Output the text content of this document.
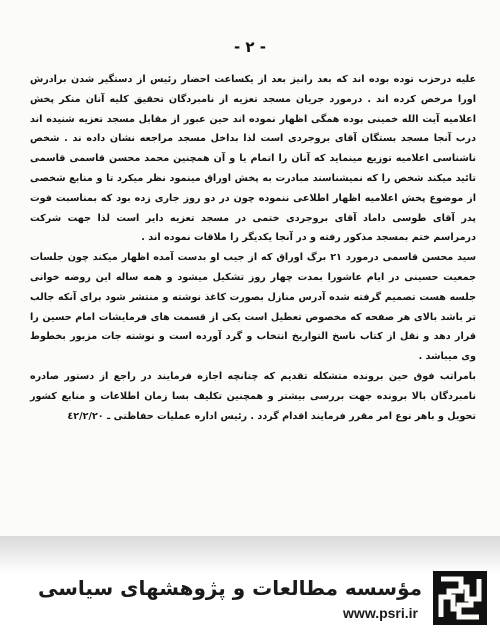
- ٢ -

علیه درحزب توده بوده اند که بعد رانیز بعد از یکساعت احضار رئیس از دستگیر شدن برادرش اورا مرخص کرده اند . درمورد جریان مسجد تعزیه از نامبردگان تحقیق کلیه آنان منکر پخش اعلامیه آیت الله خمینی بوده همگی اظهار نموده اند حین عبور از مقابل مسجد تعزیه شنیده اند درب آنجا مسجد بستگان آقای بروجردی است لذا بداخل مسجد مراجعه نشان داده ند . شخص ناشناسی اعلامیه توزیع مینماید که آنان را اتمام یا و آن همچنین محمد محسن قاسمی قاسمی تائید میکند شخص را که نمیشناسند مبادرت به پخش اوراق مینمود نظر میکرد تا و منابع شخصی از موضوع پخش اعلامیه اظهار اطلاعی ننموده چون در دو روز جاری زده بود که بمناسبت فوت پدر آقای طوسی داماد آقای بروجردی ختمی در مسجد تعزیه دایر است لذا جهت شرکت درمراسم ختم بمسجد مذکور رفته و در آنجا یکدیگر را ملاقات نموده اند .

سید محسن قاسمی درمورد ٢١ برگ اوراق که از جیب او بدست آمده اظهار میکند چون جلسات جمعیت حسینی در ایام عاشورا بمدت چهار روز تشکیل میشود و همه ساله این روضه خوانی جلسه هست تصمیم گرفته شده آدرس منازل بصورت کاغذ نوشته و منتشر شود برای آنکه جالب تر باشد بالای هر صفحه که مخصوص تعطیل است یکی از قسمت های فرمایشات امام حسین را قرار دهد و نقل از کتاب ناسخ التواریخ انتخاب و گرد آورده است و نوشته جات مزبور بخطوط وی میباشد .

بامراتب فوق حین برونده متشکله تقدیم که چنانچه اجازه فرمایند در راجع از دستور صادره نامبردگان بالا برونده جهت بررسی بیشتر و همچنین تکلیف بسا زمان اطلاعات و منابع کشور تحویل و باهر نوع امر مقرر فرمایند اقدام گردد . رئیس اداره عملیات حفاظتی ـ ٤٢/٢/٢٠

مؤسسه مطالعات و پژوهشهای سیاسی
www.psri.ir
